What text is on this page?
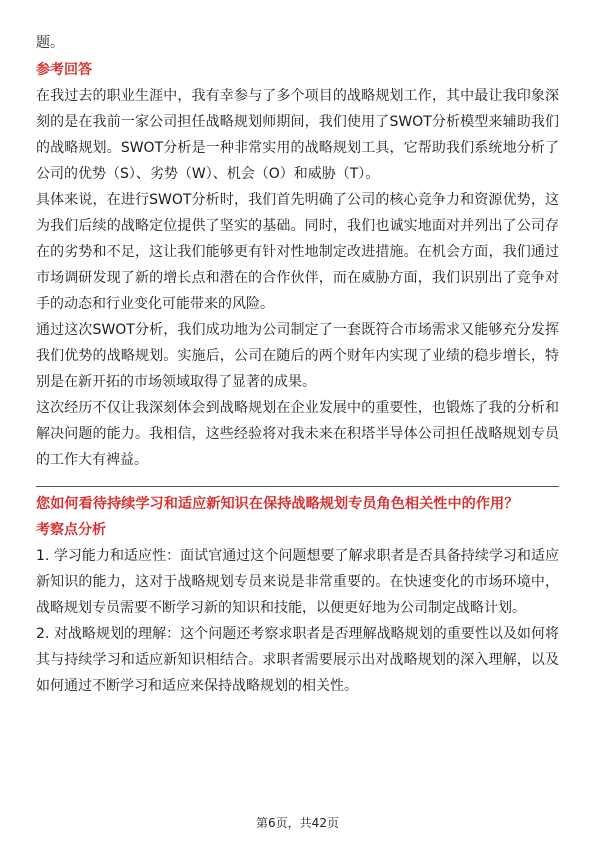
题。

参考回答

在我过去的职业生涯中，我有幸参与了多个项目的战略规划工作，其中最让我印象深刻的是在我前一家公司担任战略规划师期间，我们使用了SWOT分析模型来辅助我们的战略规划。SWOT分析是一种非常实用的战略规划工具，它帮助我们系统地分析了公司的优势（S）、劣势（W）、机会（O）和威胁（T）。

具体来说，在进行SWOT分析时，我们首先明确了公司的核心竞争力和资源优势，这为我们后续的战略定位提供了坚实的基础。同时，我们也诚实地面对并列出了公司存在的劣势和不足，这让我们能够更有针对性地制定改进措施。在机会方面，我们通过市场调研发现了新的增长点和潜在的合作伙伴，而在威胁方面，我们识别出了竞争对手的动态和行业变化可能带来的风险。

通过这次SWOT分析，我们成功地为公司制定了一套既符合市场需求又能够充分发挥我们优势的战略规划。实施后，公司在随后的两个财年内实现了业绩的稳步增长，特别是在新开拓的市场领域取得了显著的成果。

这次经历不仅让我深刻体会到战略规划在企业发展中的重要性，也锻炼了我的分析和解决问题的能力。我相信，这些经验将对我未来在积塔半导体公司担任战略规划专员的工作大有裨益。

您如何看待持续学习和适应新知识在保持战略规划专员角色相关性中的作用？

考察点分析

1. 学习能力和适应性：面试官通过这个问题想要了解求职者是否具备持续学习和适应新知识的能力，这对于战略规划专员来说是非常重要的。在快速变化的市场环境中，战略规划专员需要不断学习新的知识和技能，以便更好地为公司制定战略计划。

2. 对战略规划的理解：这个问题还考察求职者是否理解战略规划的重要性以及如何将其与持续学习和适应新知识相结合。求职者需要展示出对战略规划的深入理解，以及如何通过不断学习和适应来保持战略规划的相关性。

第6页，共42页
